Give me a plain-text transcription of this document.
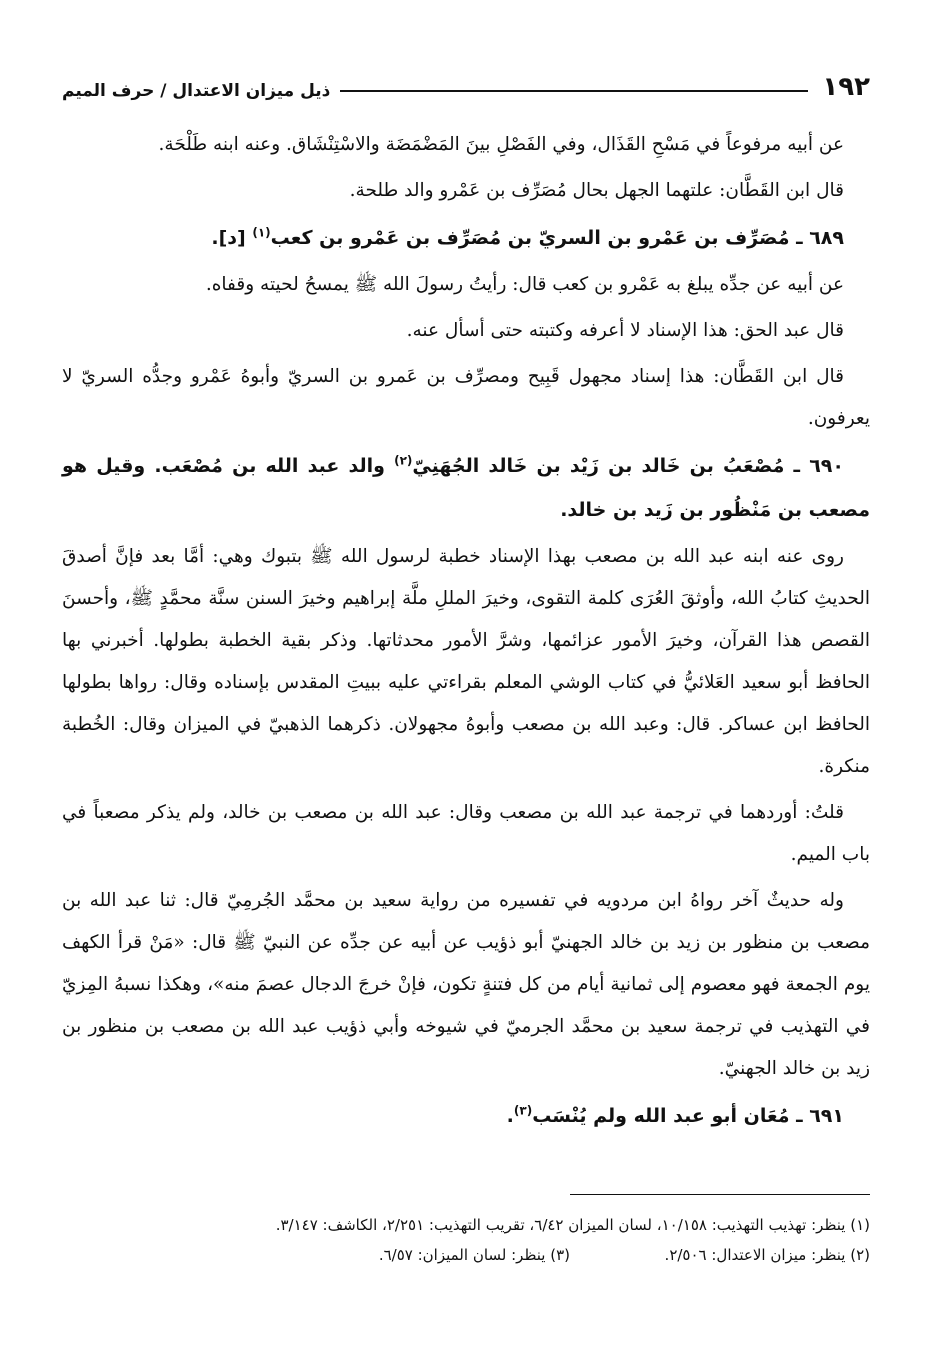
١٩٢
ذيل ميزان الاعتدال / حرف الميم

عن أبيه مرفوعاً في مَسْحِ القَذَال، وفي الفَصْلِ بينَ المَضْمَضَة والاسْتِنْشَاق. وعنه ابنه طَلْحَة.

قال ابن القَطَّان: علتهما الجهل بحال مُصَرِّف بن عَمْرو والد طلحة.

٦٨٩ ـ مُصَرِّف بن عَمْرو بن السريّ بن مُصَرِّف بن عَمْرو بن كعب$^{(١)}$ [د].

عن أبيه عن جدِّه يبلغ به عَمْرو بن كعب قال: رأيتُ رسولَ الله ﷺ يمسحُ لحيته وقفاه.

قال عبد الحق: هذا الإسناد لا أعرفه وكتبته حتى أسأل عنه.

قال ابن القَطَّان: هذا إسناد مجهول قَبِيح ومصرِّف بن عَمرو بن السريّ وأبوهُ عَمْرو وجدُّه السريّ لا يعرفون.

٦٩٠ ـ مُصْعَبُ بن خَالد بن زَيْد بن خَالد الجُهَنِيّ$^{(٢)}$ والد عبد الله بن مُصْعَب. وقيل هو مصعب بن مَنْظُور بن زَيد بن خالد.

روى عنه ابنه عبد الله بن مصعب بهذا الإسناد خطبة لرسول الله ﷺ بتبوك وهي: أمَّا بعد فإنَّ أصدقَ الحديثِ كتابُ الله، وأوثقَ العُرَى كلمة التقوى، وخيرَ المللِ ملَّة إبراهيم وخيرَ السنن سنَّة محمَّدٍ ﷺ، وأحسنَ القصص هذا القرآن، وخيرَ الأمور عزائمها، وشرَّ الأمور محدثاتها. وذكر بقية الخطبة بطولها. أخبرني بها الحافظ أبو سعيد العَلائيُّ في كتاب الوشي المعلم بقراءتي عليه ببيتِ المقدس بإسناده وقال: رواها بطولها الحافظ ابن عساكر. قال: وعبد الله بن مصعب وأبوهُ مجهولان. ذكرهما الذهبيّ في الميزان وقال: الخُطبة منكرة.

قلتُ: أوردهما في ترجمة عبد الله بن مصعب وقال: عبد الله بن مصعب بن خالد، ولم يذكر مصعباً في باب الميم.

وله حديثٌ آخر رواهُ ابن مردويه في تفسيره من رواية سعيد بن محمَّد الجُرمِيّ قال: ثنا عبد الله بن مصعب بن منظور بن زيد بن خالد الجهنيّ أبو ذؤيب عن أبيه عن جدِّه عن النبيّ ﷺ قال: «مَنْ قرأ الكهف يوم الجمعة فهو معصوم إلى ثمانية أيام من كل فتنةٍ تكون، فإنْ خرجَ الدجال عصمَ منه»، وهكذا نسبهُ المِزيّ في التهذيب في ترجمة سعيد بن محمَّد الجرميّ في شيوخه وأبي ذؤيب عبد الله بن مصعب بن منظور بن زيد بن خالد الجهنيّ.

٦٩١ ـ مُعَان أبو عبد الله ولم يُنْسَب$^{(٣)}$.

(١) ينظر: تهذيب التهذيب: ١٠/١٥٨، لسان الميزان ٦/٤٢، تقريب التهذيب: ٢/٢٥١، الكاشف: ٣/١٤٧.

(٢) ينظر: ميزان الاعتدال: ٢/٥٠٦.

(٣) ينظر: لسان الميزان: ٦/٥٧.
